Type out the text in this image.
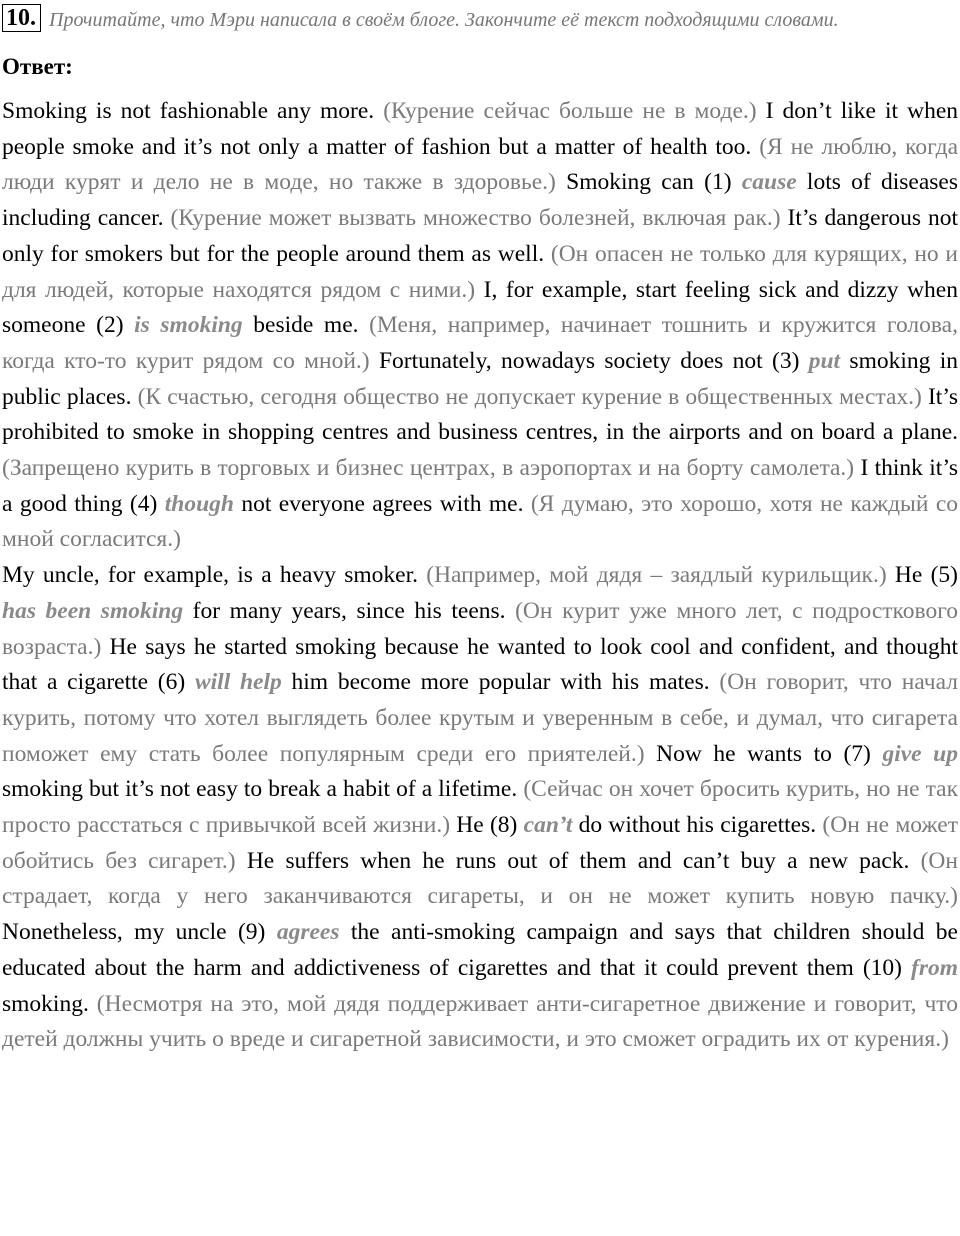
10. Прочитайте, что Мэри написала в своём блоге. Закончите её текст подходящими словами.

Ответ:

Smoking is not fashionable any more. (Курение сейчас больше не в моде.) I don’t like it when people smoke and it’s not only a matter of fashion but a matter of health too. (Я не люблю, когда люди курят и дело не в моде, но также в здоровье.) Smoking can (1) cause lots of diseases including cancer. (Курение может вызвать множество болезней, включая рак.) It’s dangerous not only for smokers but for the people around them as well. (Он опасен не только для курящих, но и для людей, которые находятся рядом с ними.) I, for example, start feeling sick and dizzy when someone (2) is smoking beside me. (Меня, например, начинает тошнить и кружится голова, когда кто-то курит рядом со мной.) Fortunately, nowadays society does not (3) put smoking in public places. (К счастью, сегодня общество не допускает курение в общественных местах.) It’s prohibited to smoke in shopping centres and business centres, in the airports and on board a plane. (Запрещено курить в торговых и бизнес центрах, в аэропортах и на борту самолета.) I think it’s a good thing (4) though not everyone agrees with me. (Я думаю, это хорошо, хотя не каждый со мной согласится.)

My uncle, for example, is a heavy smoker. (Например, мой дядя – заядлый курильщик.) He (5) has been smoking for many years, since his teens. (Он курит уже много лет, с подросткового возраста.) He says he started smoking because he wanted to look cool and confident, and thought that a cigarette (6) will help him become more popular with his mates. (Он говорит, что начал курить, потому что хотел выглядеть более крутым и уверенным в себе, и думал, что сигарета поможет ему стать более популярным среди его приятелей.) Now he wants to (7) give up smoking but it’s not easy to break a habit of a lifetime. (Сейчас он хочет бросить курить, но не так просто расстаться с привычкой всей жизни.) He (8) can’t do without his cigarettes. (Он не может обойтись без сигарет.) He suffers when he runs out of them and can’t buy a new pack. (Он страдает, когда у него заканчиваются сигареты, и он не может купить новую пачку.) Nonetheless, my uncle (9) agrees the anti-smoking campaign and says that children should be educated about the harm and addictiveness of cigarettes and that it could prevent them (10) from smoking. (Несмотря на это, мой дядя поддерживает анти-сигаретное движение и говорит, что детей должны учить о вреде и сигаретной зависимости, и это сможет оградить их от курения.)
